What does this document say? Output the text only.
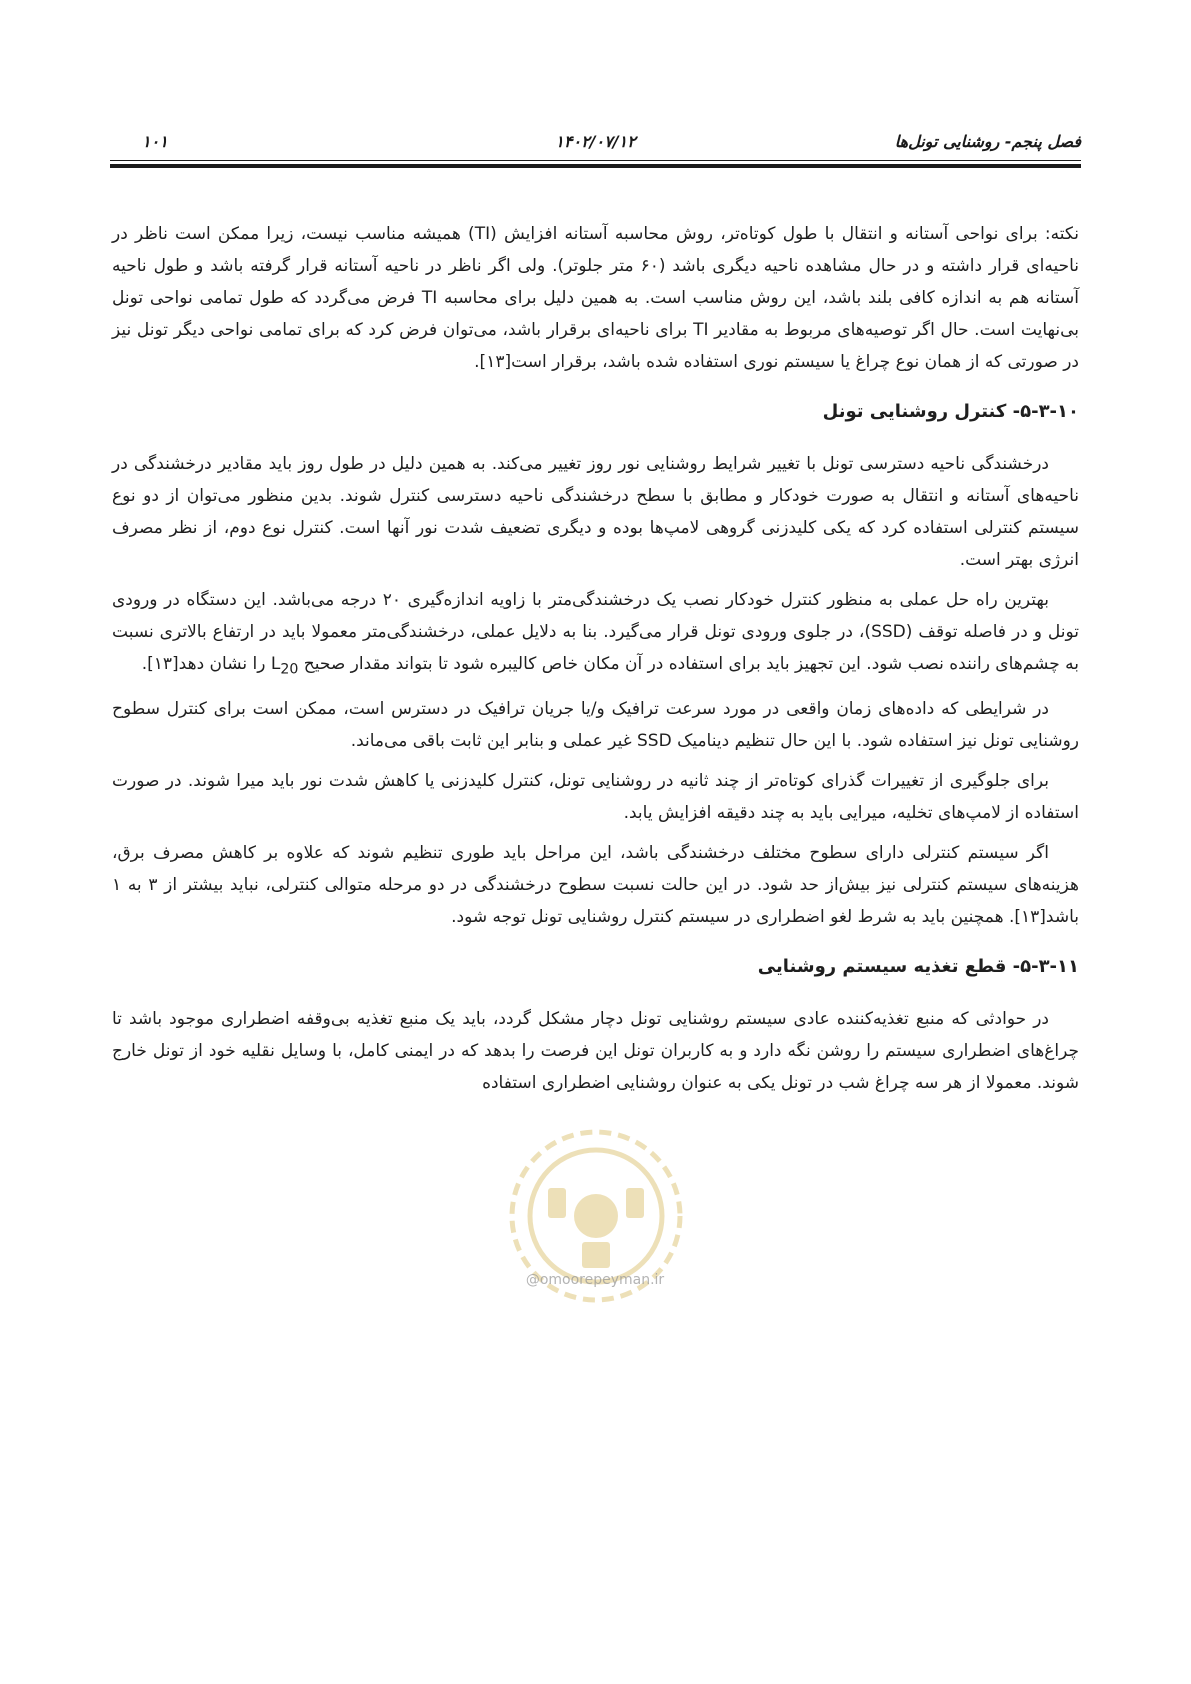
۱۰۱	۱۴۰۲/۰۷/۱۲	فصل پنجم- روشنایی تونل‌ها

نکته: برای نواحی آستانه و انتقال با طول کوتاه‌تر، روش محاسبه آستانه افزایش (TI) همیشه مناسب نیست، زیرا ممکن است ناظر در ناحیه‌ای قرار داشته و در حال مشاهده ناحیه دیگری باشد (۶۰ متر جلوتر). ولی اگر ناظر در ناحیه آستانه قرار گرفته باشد و طول ناحیه آستانه هم به اندازه کافی بلند باشد، این روش مناسب است. به همین دلیل برای محاسبه TI فرض می‌گردد که طول تمامی نواحی تونل بی‌نهایت است. حال اگر توصیه‌های مربوط به مقادیر TI برای ناحیه‌ای برقرار باشد، می‌توان فرض کرد که برای تمامی نواحی دیگر تونل نیز در صورتی که از همان نوع چراغ یا سیستم نوری استفاده شده باشد، برقرار است[۱۳].

۵-۳-۱۰- کنترل روشنایی تونل

درخشندگی ناحیه دسترسی تونل با تغییر شرایط روشنایی نور روز تغییر می‌کند. به همین دلیل در طول روز باید مقادیر درخشندگی در ناحیه‌های آستانه و انتقال به صورت خودکار و مطابق با سطح درخشندگی ناحیه دسترسی کنترل شوند. بدین منظور می‌توان از دو نوع سیستم کنترلی استفاده کرد که یکی کلیدزنی گروهی لامپ‌ها بوده و دیگری تضعیف شدت نور آنها است. کنترل نوع دوم، از نظر مصرف انرژی بهتر است.

بهترین راه حل عملی به منظور کنترل خودکار نصب یک درخشندگی‌متر با زاویه اندازه‌گیری ۲۰ درجه می‌باشد. این دستگاه در ورودی تونل و در فاصله توقف (SSD)، در جلوی ورودی تونل قرار می‌گیرد. بنا به دلایل عملی، درخشندگی‌متر معمولا باید در ارتفاع بالاتری نسبت به چشم‌های راننده نصب شود. این تجهیز باید برای استفاده در آن مکان خاص کالیبره شود تا بتواند مقدار صحیح $L_{20}$ را نشان دهد[۱۳].

در شرایطی که داده‌های زمان واقعی در مورد سرعت ترافیک و/یا جریان ترافیک در دسترس است، ممکن است برای کنترل سطوح روشنایی تونل نیز استفاده شود. با این حال تنظیم دینامیک SSD غیر عملی و بنابر این ثابت باقی می‌ماند.

برای جلوگیری از تغییرات گذرای کوتاه‌تر از چند ثانیه در روشنایی تونل، کنترل کلیدزنی یا کاهش شدت نور باید میرا شوند. در صورت استفاده از لامپ‌های تخلیه، میرایی باید به چند دقیقه افزایش یابد.

اگر سیستم کنترلی دارای سطوح مختلف درخشندگی باشد، این مراحل باید طوری تنظیم شوند که علاوه بر کاهش مصرف برق، هزینه‌های سیستم کنترلی نیز بیش‌از حد شود. در این حالت نسبت سطوح درخشندگی در دو مرحله متوالی کنترلی، نباید بیشتر از ۳ به ۱ باشد[۱۳]. همچنین باید به شرط لغو اضطراری در سیستم کنترل روشنایی تونل توجه شود.

۵-۳-۱۱- قطع تغذیه سیستم روشنایی

در حوادثی که منبع تغذیه‌کننده عادی سیستم روشنایی تونل دچار مشکل گردد، باید یک منبع تغذیه بی‌وقفه اضطراری موجود باشد تا چراغ‌های اضطراری سیستم را روشن نگه دارد و به کاربران تونل این فرصت را بدهد که در ایمنی کامل، با وسایل نقلیه خود از تونل خارج شوند. معمولا از هر سه چراغ شب در تونل یکی به عنوان روشنایی اضطراری استفاده

@omoorepeyman.ir
